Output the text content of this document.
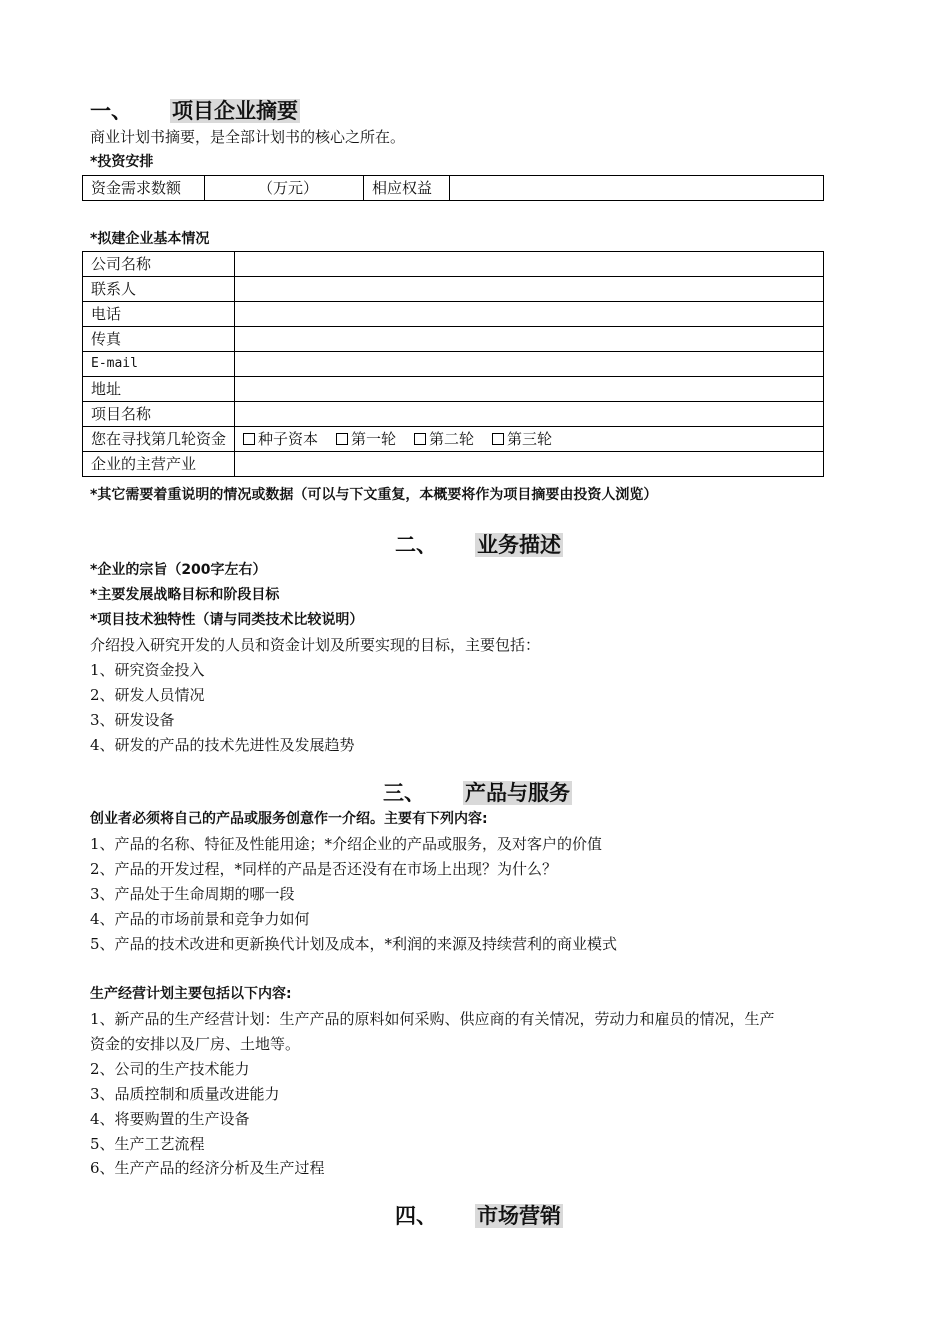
一、 项目企业摘要
商业计划书摘要，是全部计划书的核心之所在。
*投资安排
资金需求数额	（万元）	相应权益	
*拟建企业基本情况
公司名称	
联系人	
电话	
传真	
E-mail	
地址	
项目名称	
您在寻找第几轮资金	种子资本 第一轮 第二轮 第三轮
企业的主营产业	
*其它需要着重说明的情况或数据（可以与下文重复，本概要将作为项目摘要由投资人浏览）
二、 业务描述
*企业的宗旨（200字左右）
*主要发展战略目标和阶段目标
*项目技术独特性（请与同类技术比较说明）
介绍投入研究开发的人员和资金计划及所要实现的目标，主要包括：
1、研究资金投入
2、研发人员情况
3、研发设备
4、研发的产品的技术先进性及发展趋势
三、 产品与服务
创业者必须将自己的产品或服务创意作一介绍。主要有下列内容:
1、产品的名称、特征及性能用途；*介绍企业的产品或服务，及对客户的价值
2、产品的开发过程，*同样的产品是否还没有在市场上出现？为什么？
3、产品处于生命周期的哪一段
4、产品的市场前景和竞争力如何
5、产品的技术改进和更新换代计划及成本，*利润的来源及持续营利的商业模式
生产经营计划主要包括以下内容:
1、新产品的生产经营计划：生产产品的原料如何采购、供应商的有关情况，劳动力和雇员的情况，生产
资金的安排以及厂房、土地等。
2、公司的生产技术能力
3、品质控制和质量改进能力
4、将要购置的生产设备
5、生产工艺流程
6、生产产品的经济分析及生产过程
四、 市场营销
